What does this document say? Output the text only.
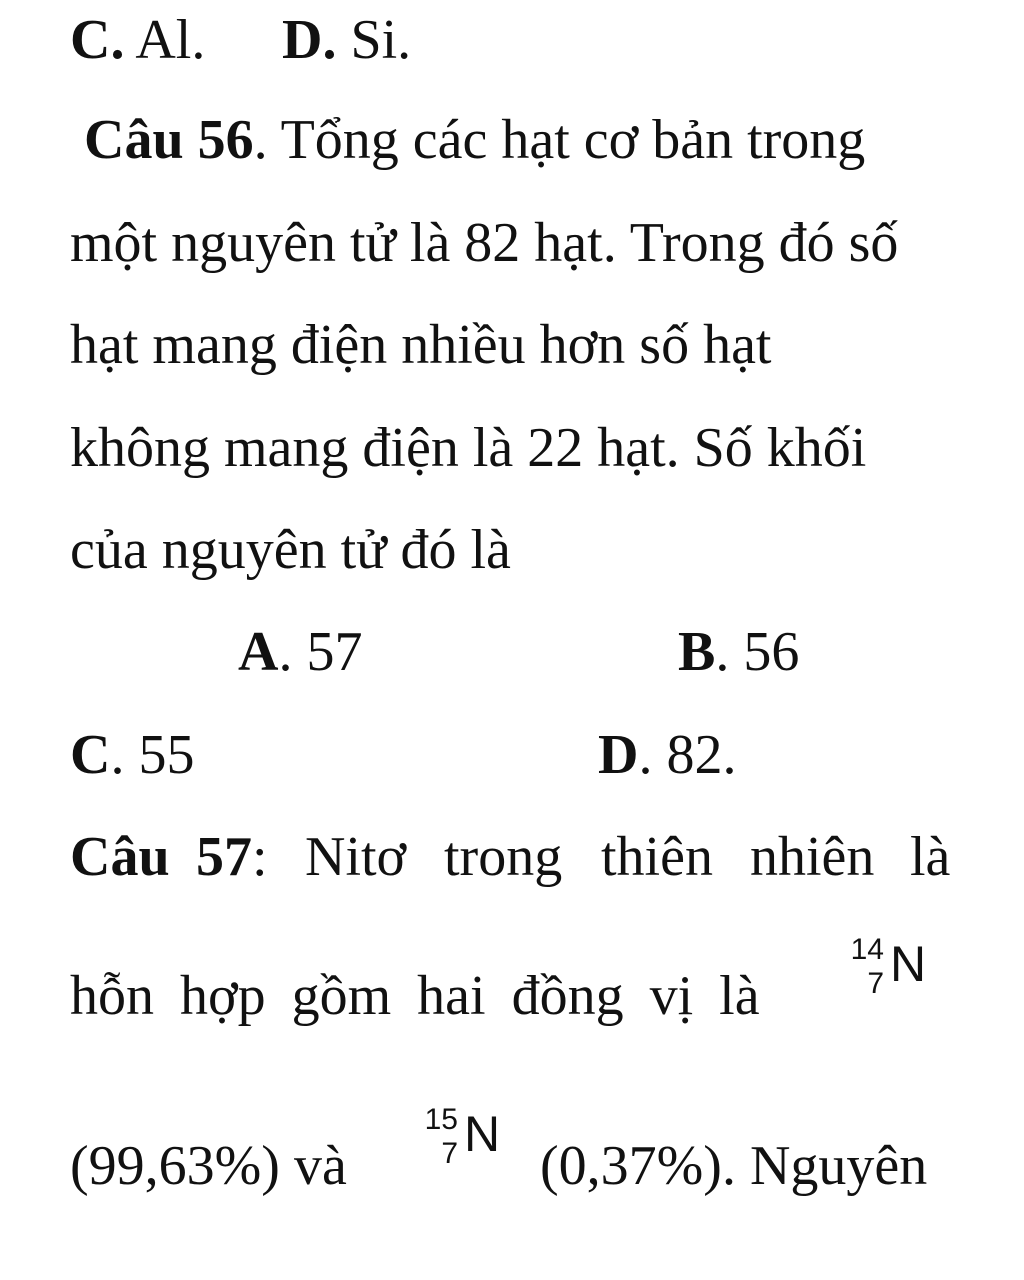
C. Al. D. Si.
Câu 56. Tổng các hạt cơ bản trong
một nguyên tử là 82 hạt. Trong đó số
hạt mang điện nhiều hơn số hạt
không mang điện là 22 hạt. Số khối
của nguyên tử đó là
A. 57	B. 56
C. 55	D. 82.
Câu 57: Nitơ trong thiên nhiên là
hỗn hợp gồm hai đồng vị là
14
7 N
(99,63%) và
15
7 N
(0,37%). Nguyên
